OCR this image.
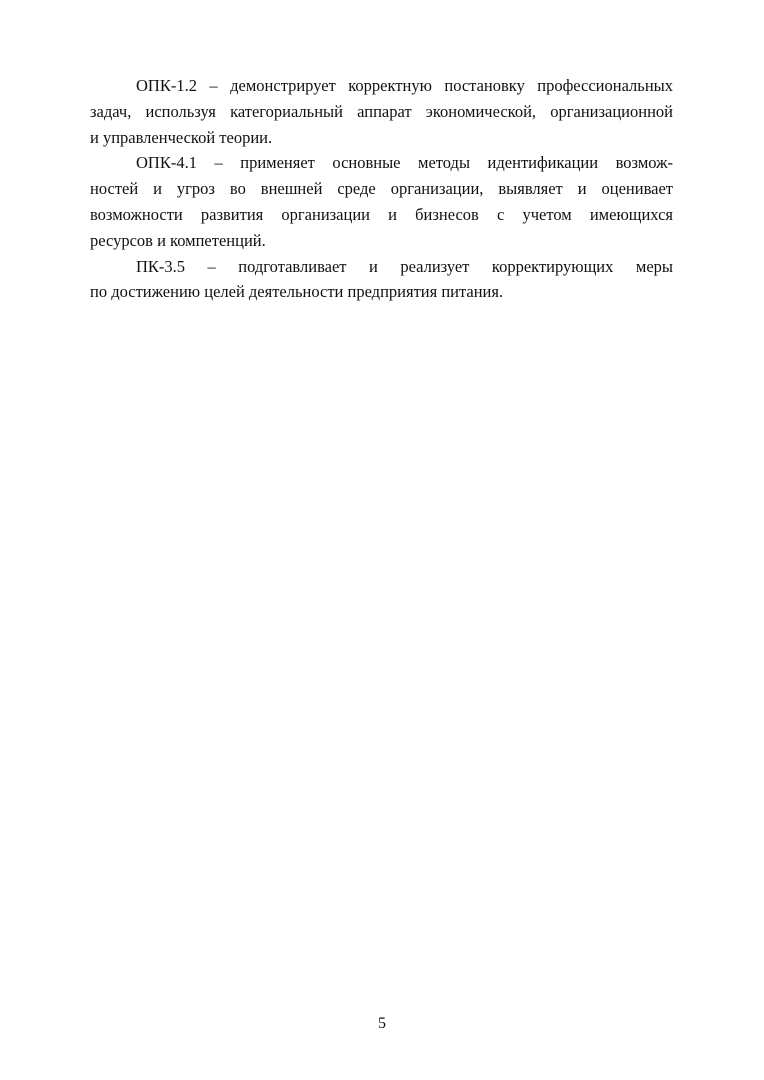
ОПК-1.2 – демонстрирует корректную постановку профессиональных
задач, используя категориальный аппарат экономической, организационной
и управленческой теории.
ОПК-4.1 – применяет основные методы идентификации возмож-
ностей и угроз во внешней среде организации, выявляет и оценивает
возможности развития организации и бизнесов с учетом имеющихся
ресурсов и компетенций.
ПК-3.5 – подготавливает и реализует корректирующих меры
по достижению целей деятельности предприятия питания.
5
